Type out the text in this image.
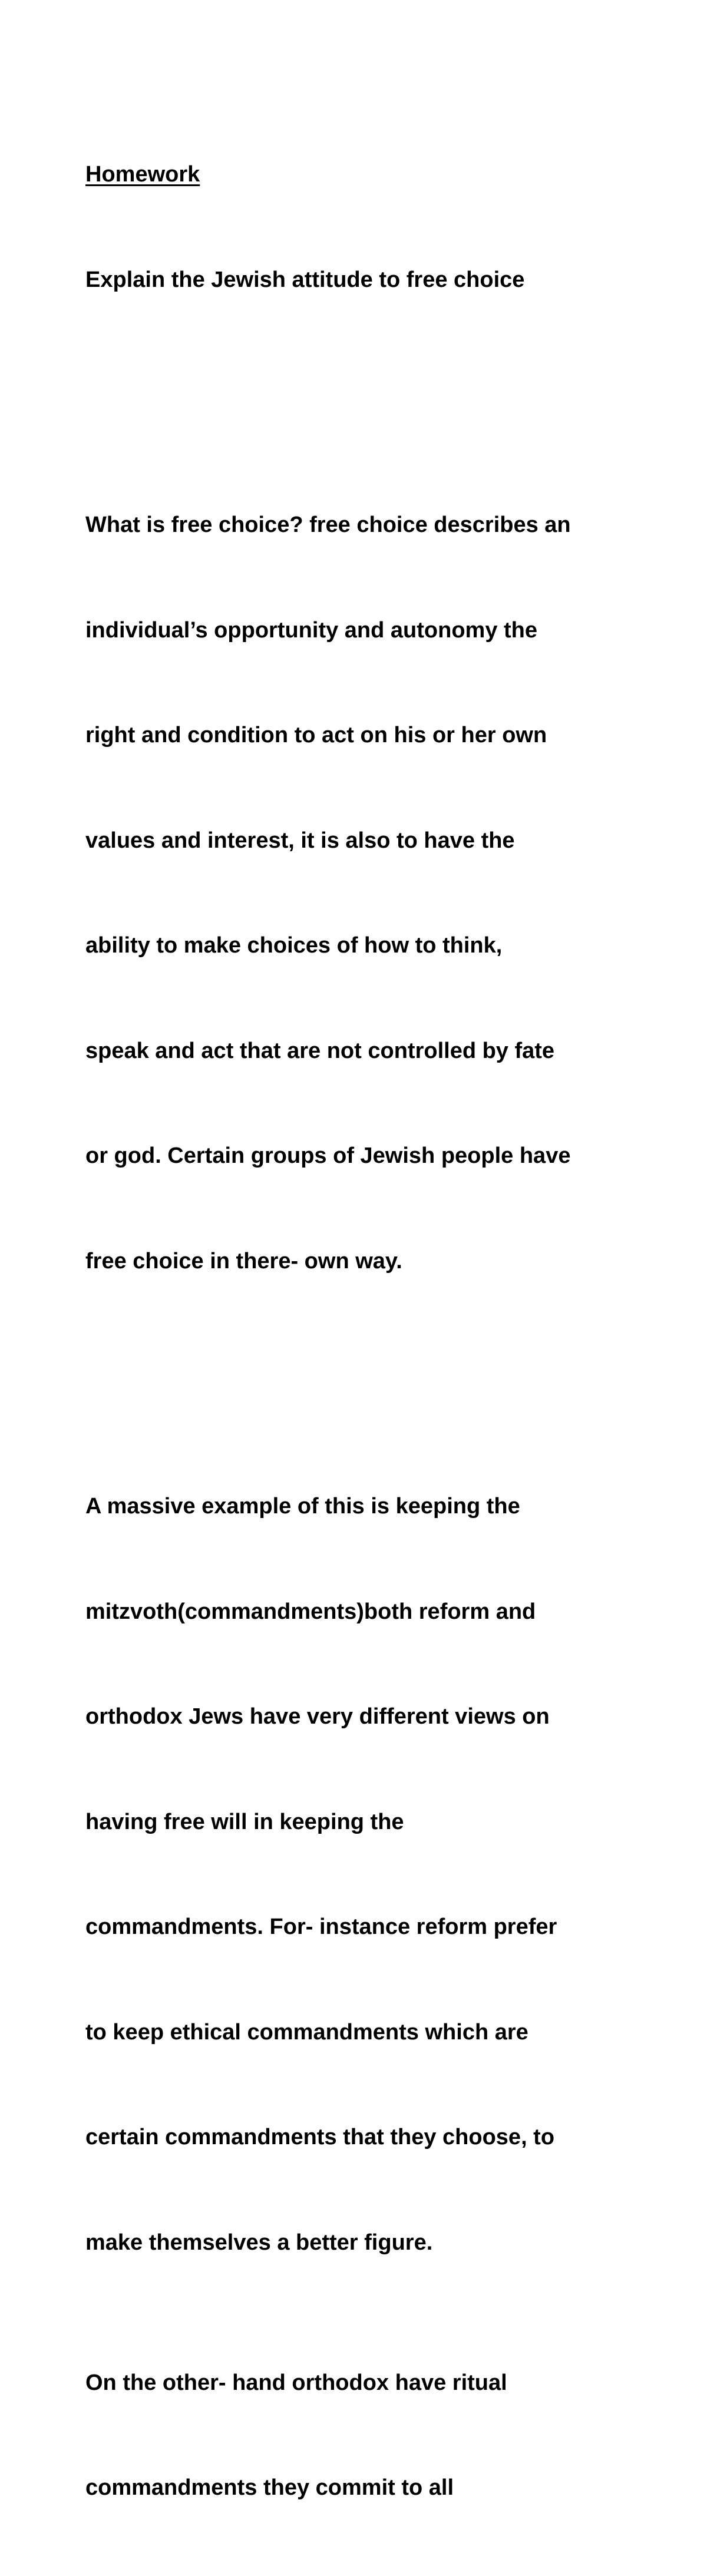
Homework

Explain the Jewish attitude to free choice

What is free choice? free choice describes an

individual’s opportunity and autonomy the

right and condition to act on his or her own

values and interest, it is also to have the

ability to make choices of how to think,

speak and act that are not controlled by fate

or god. Certain groups of Jewish people have

free choice in there- own way.

A massive example of this is keeping the

mitzvoth(commandments)both reform and

orthodox Jews have very different views on

having free will in keeping the

commandments. For- instance reform prefer

to keep ethical commandments which are

certain commandments that they choose, to

make themselves a better figure.

On the other- hand orthodox have ritual

commandments they commit to all
